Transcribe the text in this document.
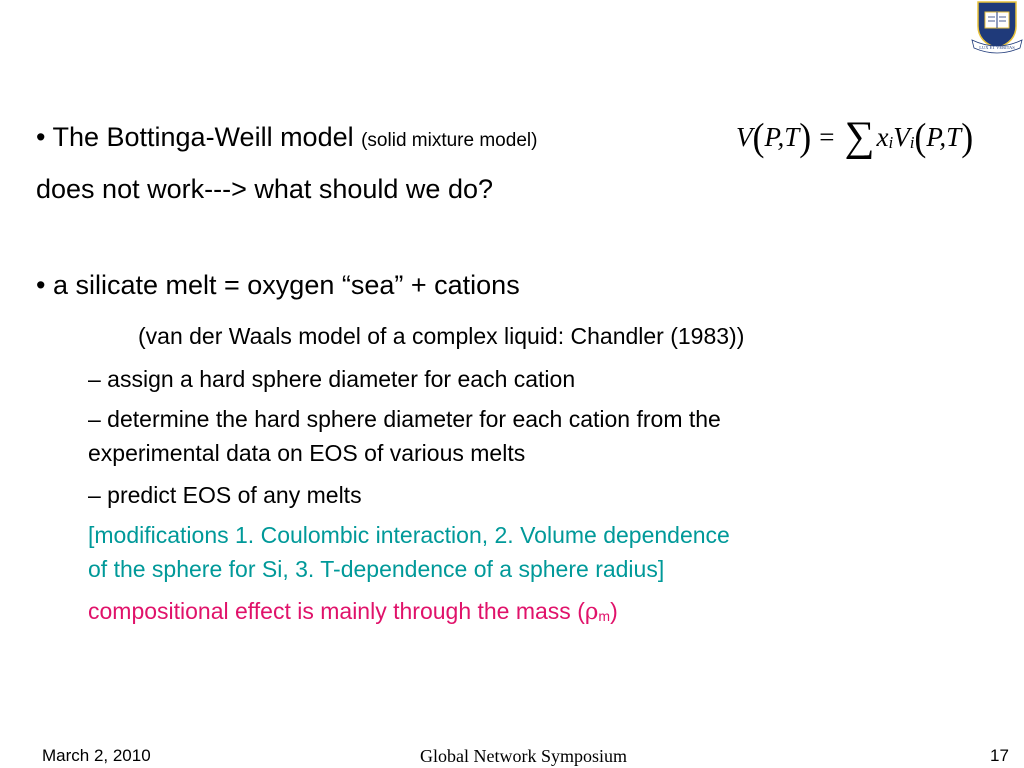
LUX ET VERITAS
V ( P,T ) = ∑ $x_i$ $V_i$ ( P,T )
• The Bottinga-Weill model (solid mixture model)
does not work---> what should we do?
• a silicate melt = oxygen “sea” + cations
(van der Waals model of a complex liquid: Chandler (1983))
– assign a hard sphere diameter for each cation
– determine the hard sphere diameter for each cation from the
experimental data on EOS of various melts
– predict EOS of any melts
[modifications 1. Coulombic interaction, 2. Volume dependence
of the sphere for Si, 3. T-dependence of a sphere radius]
compositional effect is mainly through the mass $(\rho_m)$
March 2, 2010	Global Network Symposium	17
